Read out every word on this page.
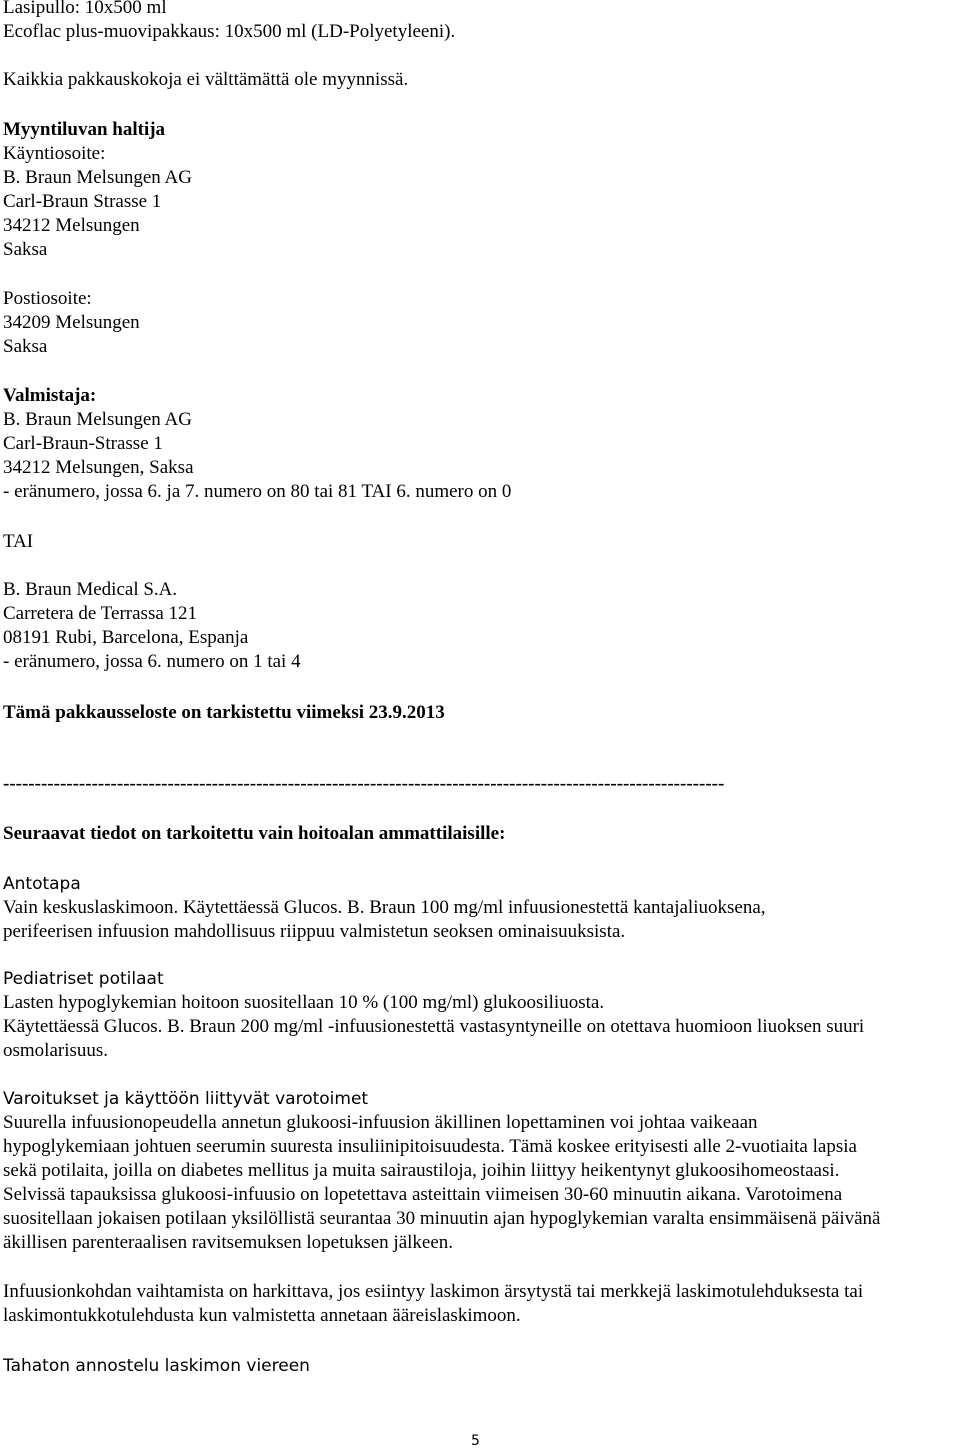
Lasipullo: 10x500 ml
Ecoflac plus-muovipakkaus: 10x500 ml (LD-Polyetyleeni).
Kaikkia pakkauskokoja ei välttämättä ole myynnissä.
Myyntiluvan haltija
Käyntiosoite:
B. Braun Melsungen AG
Carl-Braun Strasse 1
34212 Melsungen
Saksa
Postiosoite:
34209 Melsungen
Saksa
Valmistaja:
B. Braun Melsungen AG
Carl-Braun-Strasse 1
34212 Melsungen, Saksa
- eränumero, jossa 6. ja 7. numero on 80 tai 81 TAI 6. numero on 0
TAI
B. Braun Medical S.A.
Carretera de Terrassa 121
08191 Rubi, Barcelona, Espanja
- eränumero, jossa 6. numero on 1 tai 4
Tämä pakkausseloste on tarkistettu viimeksi 23.9.2013
------------------------------------------------------------------------------------------------------------------
Seuraavat tiedot on tarkoitettu vain hoitoalan ammattilaisille:
Antotapa
Vain keskuslaskimoon. Käytettäessä Glucos. B. Braun 100 mg/ml infuusionestettä kantajaliuoksena,
perifeerisen infuusion mahdollisuus riippuu valmistetun seoksen ominaisuuksista.
Pediatriset potilaat
Lasten hypoglykemian hoitoon suositellaan 10 % (100 mg/ml) glukoosiliuosta.
Käytettäessä Glucos. B. Braun 200 mg/ml -infuusionestettä vastasyntyneille on otettava huomioon liuoksen suuri
osmolarisuus.
Varoitukset ja käyttöön liittyvät varotoimet
Suurella infuusionopeudella annetun glukoosi-infuusion äkillinen lopettaminen voi johtaa vaikeaan
hypoglykemiaan johtuen seerumin suuresta insuliinipitoisuudesta. Tämä koskee erityisesti alle 2-vuotiaita lapsia
sekä potilaita, joilla on diabetes mellitus ja muita sairaustiloja, joihin liittyy heikentynyt glukoosihomeostaasi.
Selvissä tapauksissa glukoosi-infuusio on lopetettava asteittain viimeisen 30-60 minuutin aikana. Varotoimena
suositellaan jokaisen potilaan yksilöllistä seurantaa 30 minuutin ajan hypoglykemian varalta ensimmäisenä päivänä
äkillisen parenteraalisen ravitsemuksen lopetuksen jälkeen.
Infuusionkohdan vaihtamista on harkittava, jos esiintyy laskimon ärsytystä tai merkkejä laskimotulehduksesta tai
laskimontukkotulehdusta kun valmistetta annetaan ääreislaskimoon.
Tahaton annostelu laskimon viereen
5
